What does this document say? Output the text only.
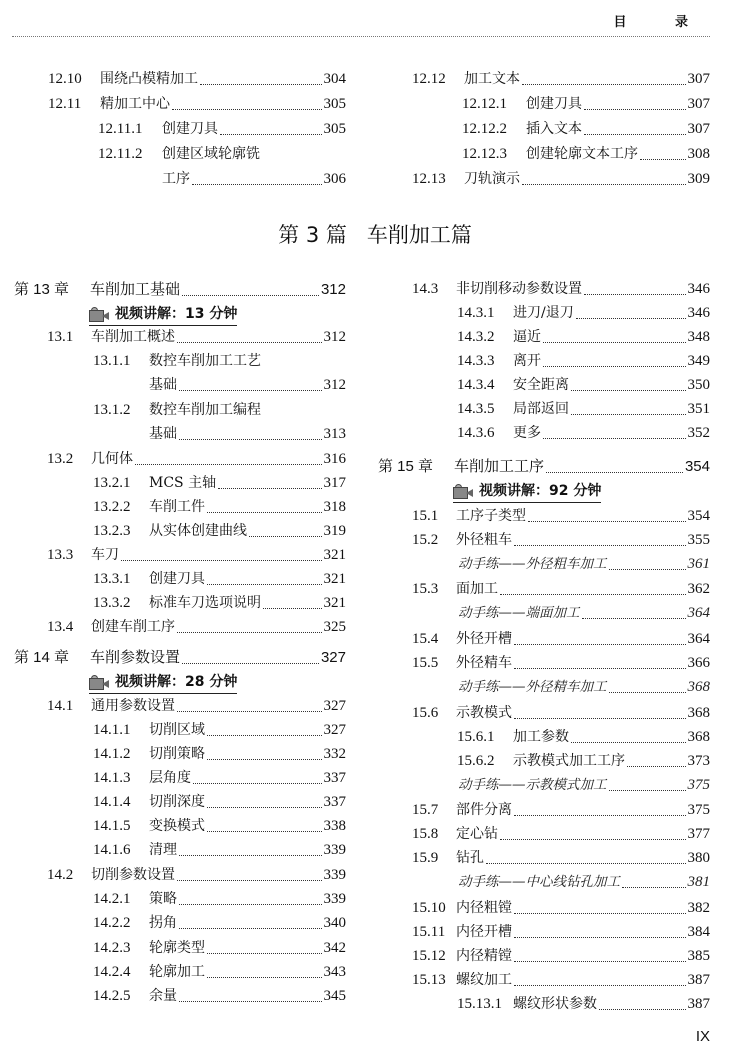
目 录
第 3 篇 车削加工篇
12.10 围绕凸模精加工	304
12.11 精加工中心	305
12.11.1 创建刀具	305
12.11.2 创建区域轮廓铣
工序	306
12.12 加工文本	307
12.12.1 创建刀具	307
12.12.2 插入文本	307
12.12.3 创建轮廓文本工序	308
12.13 刀轨演示	309
第 13 章 车削加工基础	312
视频讲解：13 分钟
13.1 车削加工概述	312
13.1.1 数控车削加工工艺
基础	312
13.1.2 数控车削加工编程
基础	313
13.2 几何体	316
13.2.1 MCS 主轴	317
13.2.2 车削工件	318
13.2.3 从实体创建曲线	319
13.3 车刀	321
13.3.1 创建刀具	321
13.3.2 标准车刀选项说明	321
13.4 创建车削工序	325
第 14 章 车削参数设置	327
视频讲解：28 分钟
14.1 通用参数设置	327
14.1.1 切削区域	327
14.1.2 切削策略	332
14.1.3 层角度	337
14.1.4 切削深度	337
14.1.5 变换模式	338
14.1.6 清理	339
14.2 切削参数设置	339
14.2.1 策略	339
14.2.2 拐角	340
14.2.3 轮廓类型	342
14.2.4 轮廓加工	343
14.2.5 余量	345
14.3 非切削移动参数设置	346
14.3.1 进刀/退刀	346
14.3.2 逼近	348
14.3.3 离开	349
14.3.4 安全距离	350
14.3.5 局部返回	351
14.3.6 更多	352
第 15 章 车削加工工序	354
视频讲解：92 分钟
15.1 工序子类型	354
15.2 外径粗车	355
动手练——外径粗车加工	361
15.3 面加工	362
动手练——端面加工	364
15.4 外径开槽	364
15.5 外径精车	366
动手练——外径精车加工	368
15.6 示教模式	368
15.6.1 加工参数	368
15.6.2 示教模式加工工序	373
动手练——示教模式加工	375
15.7 部件分离	375
15.8 定心钻	377
15.9 钻孔	380
动手练——中心线钻孔加工	381
15.10 内径粗镗	382
15.11 内径开槽	384
15.12 内径精镗	385
15.13 螺纹加工	387
15.13.1 螺纹形状参数	387
IX
